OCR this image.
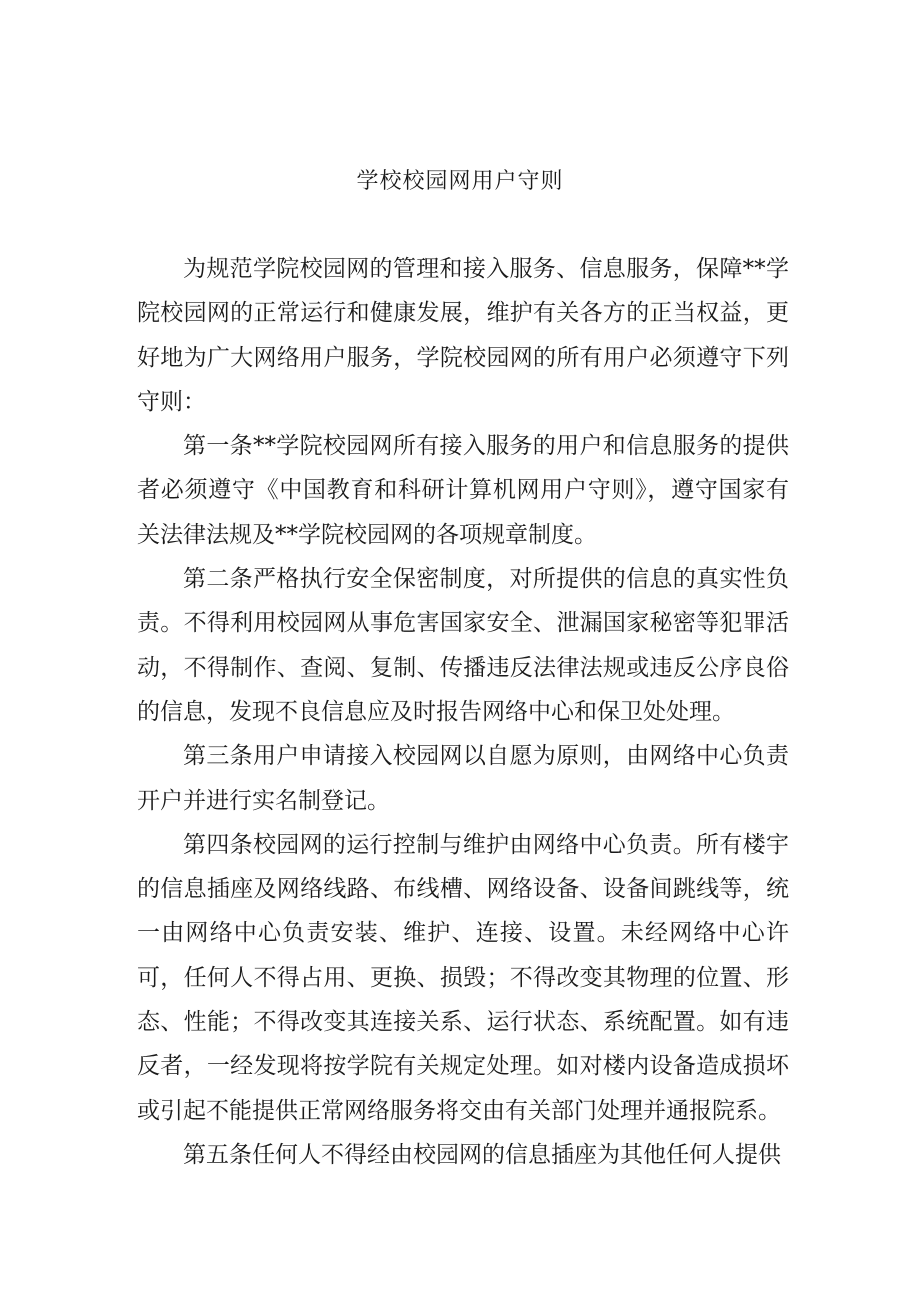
学校校园网用户守则

为规范学院校园网的管理和接入服务、信息服务，保障**学院校园网的正常运行和健康发展，维护有关各方的正当权益，更好地为广大网络用户服务，学院校园网的所有用户必须遵守下列守则：

第一条**学院校园网所有接入服务的用户和信息服务的提供者必须遵守《中国教育和科研计算机网用户守则》，遵守国家有关法律法规及**学院校园网的各项规章制度。

第二条严格执行安全保密制度，对所提供的信息的真实性负责。不得利用校园网从事危害国家安全、泄漏国家秘密等犯罪活动，不得制作、查阅、复制、传播违反法律法规或违反公序良俗的信息，发现不良信息应及时报告网络中心和保卫处处理。

第三条用户申请接入校园网以自愿为原则，由网络中心负责开户并进行实名制登记。

第四条校园网的运行控制与维护由网络中心负责。所有楼宇的信息插座及网络线路、布线槽、网络设备、设备间跳线等，统一由网络中心负责安装、维护、连接、设置。未经网络中心许可，任何人不得占用、更换、损毁；不得改变其物理的位置、形态、性能；不得改变其连接关系、运行状态、系统配置。如有违反者，一经发现将按学院有关规定处理。如对楼内设备造成损坏或引起不能提供正常网络服务将交由有关部门处理并通报院系。

第五条任何人不得经由校园网的信息插座为其他任何人提供
